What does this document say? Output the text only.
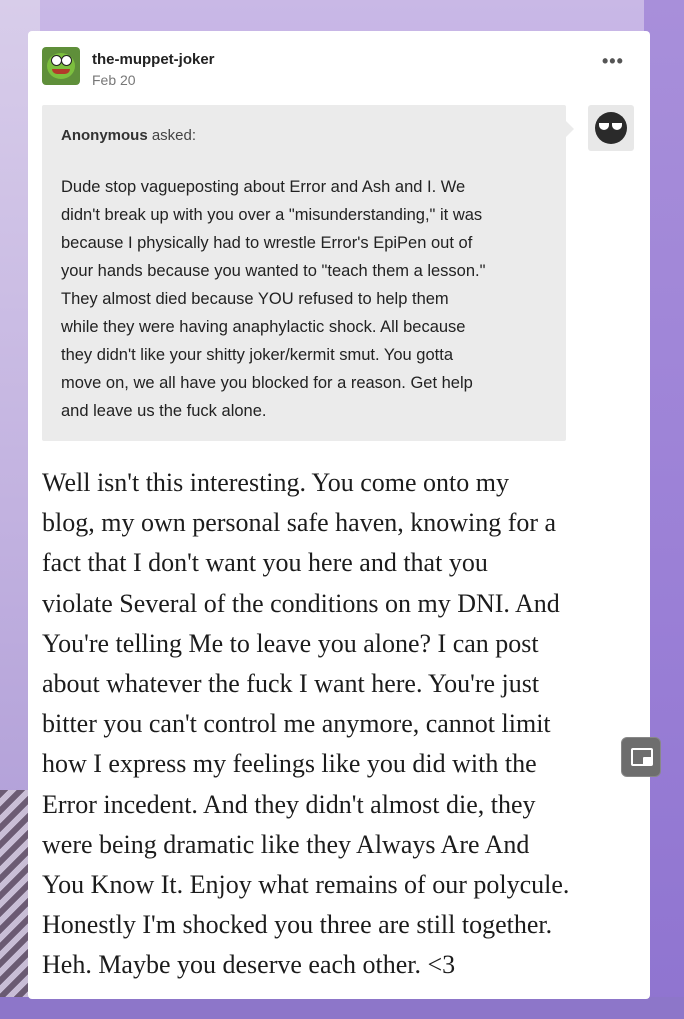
the-muppet-joker
Feb 20
•••
Anonymous asked:
Dude stop vagueposting about Error and Ash and I. We
didn't break up with you over a "misunderstanding," it was
because I physically had to wrestle Error's EpiPen out of
your hands because you wanted to "teach them a lesson."
They almost died because YOU refused to help them
while they were having anaphylactic shock. All because
they didn't like your shitty joker/kermit smut. You gotta
move on, we all have you blocked for a reason. Get help
and leave us the fuck alone.
Well isn't this interesting. You come onto my
blog, my own personal safe haven, knowing for a
fact that I don't want you here and that you
violate Several of the conditions on my DNI. And
You're telling Me to leave you alone? I can post
about whatever the fuck I want here. You're just
bitter you can't control me anymore, cannot limit
how I express my feelings like you did with the
Error incedent. And they didn't almost die, they
were being dramatic like they Always Are And
You Know It. Enjoy what remains of our polycule.
Honestly I'm shocked you three are still together.
Heh. Maybe you deserve each other. <3
